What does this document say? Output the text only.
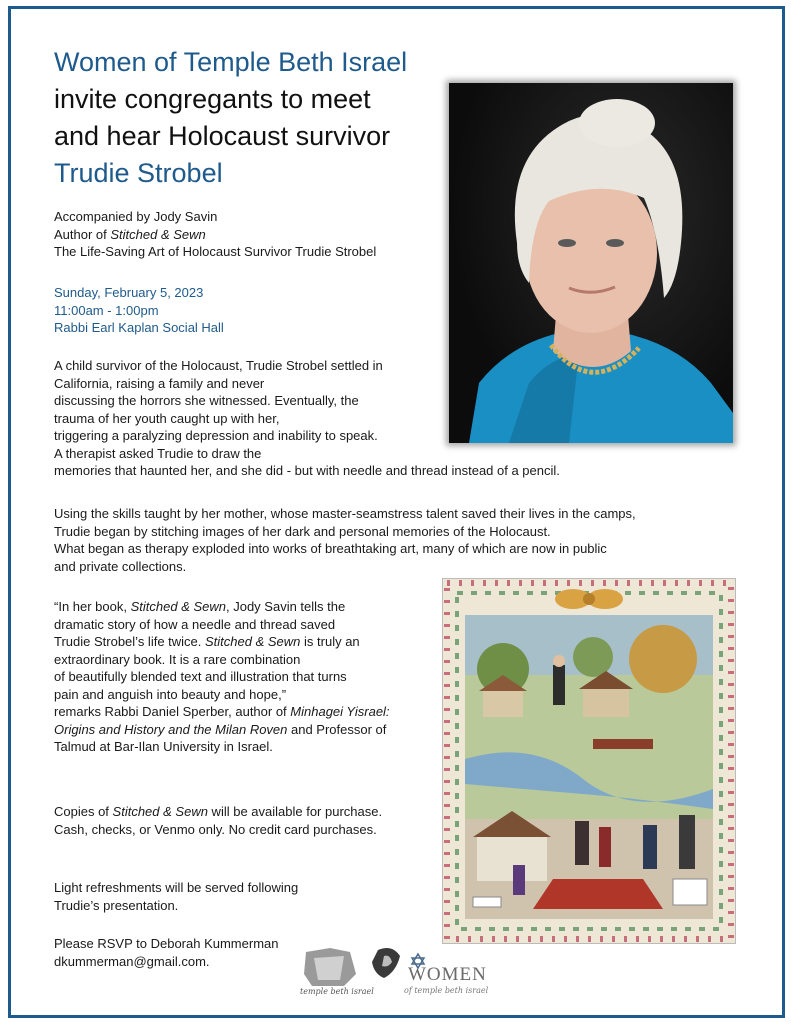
Women of Temple Beth Israel
invite congregants to meet
and hear Holocaust survivor
Trudie Strobel
Accompanied by Jody Savin
Author of Stitched & Sewn
The Life-Saving Art of Holocaust Survivor Trudie Strobel
Sunday, February 5, 2023
11:00am - 1:00pm
Rabbi Earl Kaplan Social Hall
A child survivor of the Holocaust, Trudie Strobel settled in
California, raising a family and never
discussing the horrors she witnessed. Eventually, the
trauma of her youth caught up with her,
triggering a paralyzing depression and inability to speak.
A therapist asked Trudie to draw the
memories that haunted her, and she did - but with needle and thread instead of a pencil.
Using the skills taught by her mother, whose master-seamstress talent saved their lives in the camps,
Trudie began by stitching images of her dark and personal memories of the Holocaust.
What began as therapy exploded into works of breathtaking art, many of which are now in public
and private collections.
“In her book, Stitched & Sewn, Jody Savin tells the
dramatic story of how a needle and thread saved
Trudie Strobel’s life twice. Stitched & Sewn is truly an
extraordinary book. It is a rare combination
of beautifully blended text and illustration that turns
pain and anguish into beauty and hope,”
remarks Rabbi Daniel Sperber, author of Minhagei Yisrael:
Origins and History and the Milan Roven and Professor of
Talmud at Bar-Ilan University in Israel.
Copies of Stitched & Sewn will be available for purchase.
Cash, checks, or Venmo only. No credit card purchases.
Light refreshments will be served following
Trudie’s presentation.
Please RSVP to Deborah Kummerman
dkummerman@gmail.com.
temple beth israel
WOMEN
of temple beth israel
